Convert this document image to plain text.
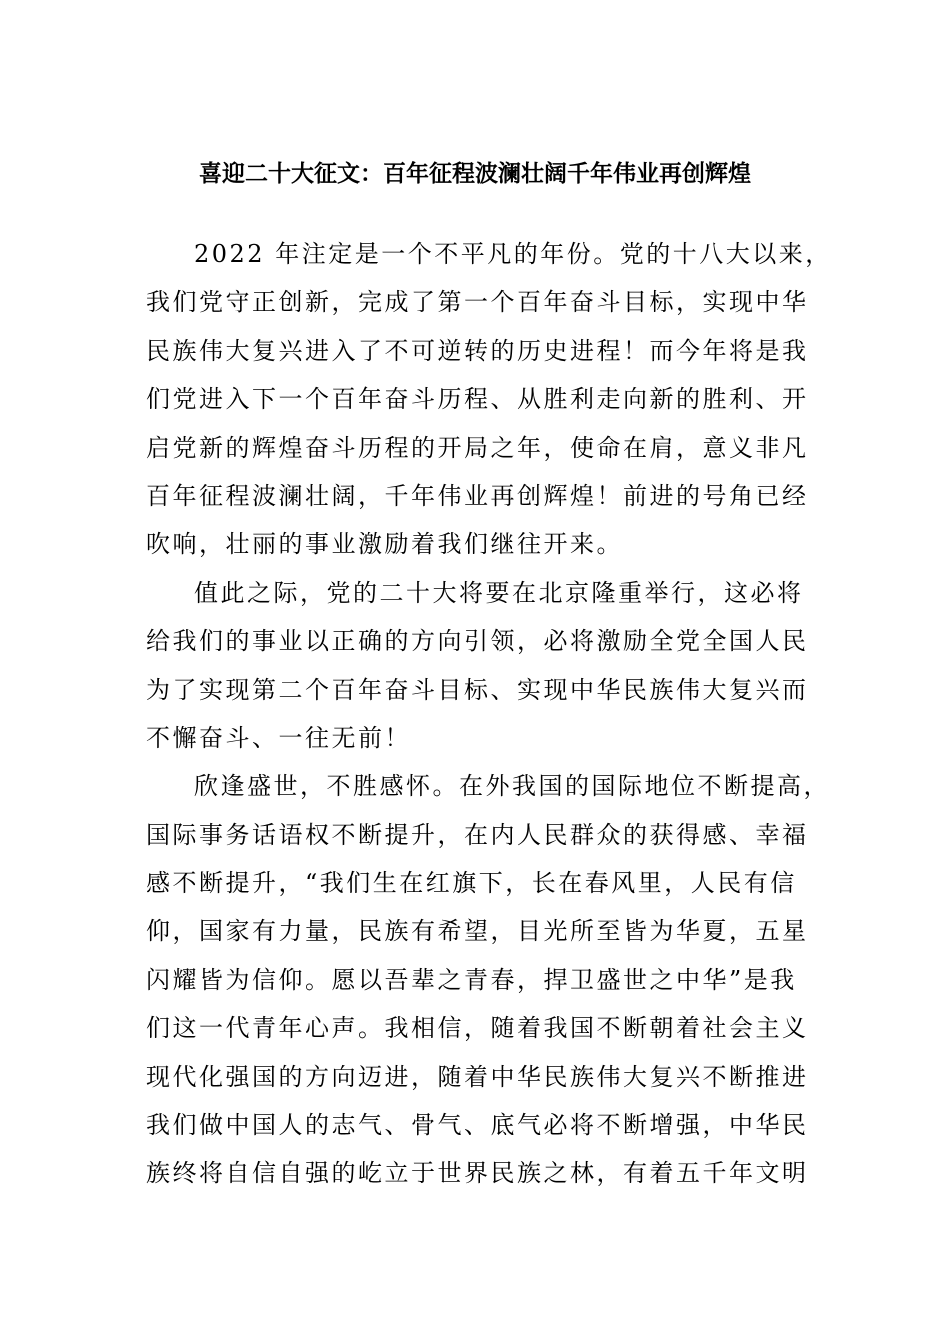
喜迎二十大征文：百年征程波澜壮阔千年伟业再创辉煌
2022 年注定是一个不平凡的年份。党的十八大以来，
我们党守正创新，完成了第一个百年奋斗目标，实现中华
民族伟大复兴进入了不可逆转的历史进程！而今年将是我
们党进入下一个百年奋斗历程、从胜利走向新的胜利、开
启党新的辉煌奋斗历程的开局之年，使命在肩，意义非凡
百年征程波澜壮阔，千年伟业再创辉煌！前进的号角已经
吹响，壮丽的事业激励着我们继往开来。
值此之际，党的二十大将要在北京隆重举行，这必将
给我们的事业以正确的方向引领，必将激励全党全国人民
为了实现第二个百年奋斗目标、实现中华民族伟大复兴而
不懈奋斗、一往无前！
欣逢盛世，不胜感怀。在外我国的国际地位不断提高，
国际事务话语权不断提升，在内人民群众的获得感、幸福
感不断提升，“我们生在红旗下，长在春风里，人民有信
仰，国家有力量，民族有希望，目光所至皆为华夏，五星
闪耀皆为信仰。愿以吾辈之青春，捍卫盛世之中华”是我
们这一代青年心声。我相信，随着我国不断朝着社会主义
现代化强国的方向迈进，随着中华民族伟大复兴不断推进
我们做中国人的志气、骨气、底气必将不断增强，中华民
族终将自信自强的屹立于世界民族之林，有着五千年文明
